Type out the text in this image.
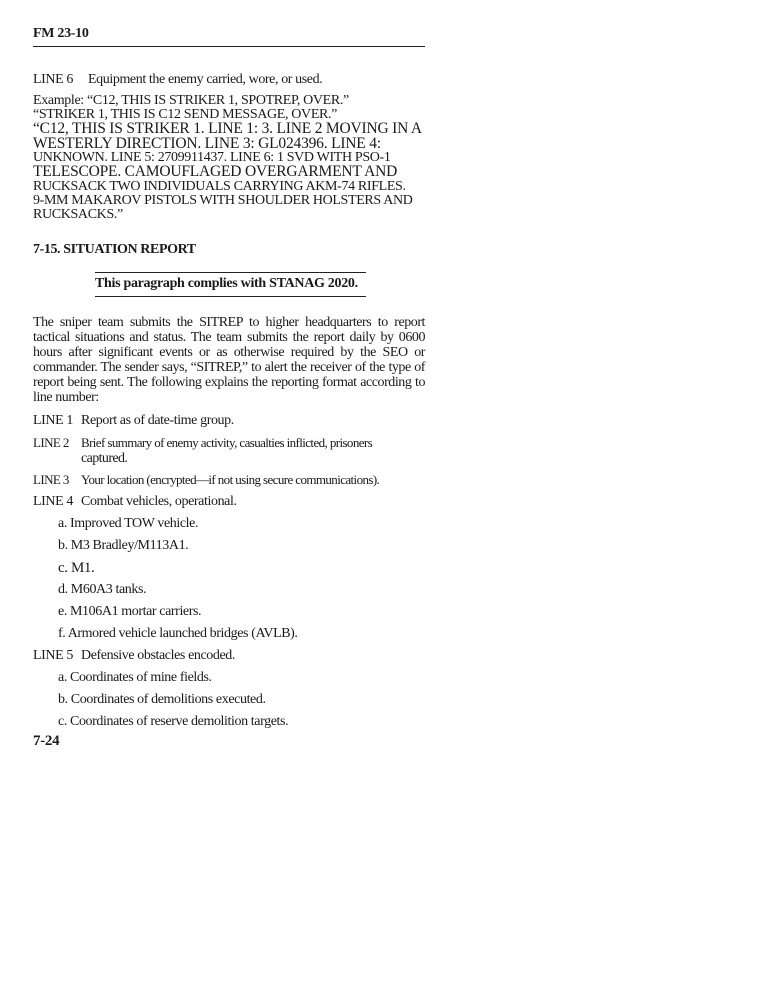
FM 23-10
LINE 6 Equipment the enemy carried, wore, or used.

Example: “C12, THIS IS STRIKER 1, SPOTREP, OVER.”

“STRIKER 1, THIS IS C12 SEND MESSAGE, OVER.”

“C12, THIS IS STRIKER 1. LINE 1: 3. LINE 2 MOVING IN A

WESTERLY DIRECTION. LINE 3: GL024396. LINE 4:

UNKNOWN. LINE 5: 2709911437. LINE 6: 1 SVD WITH PSO-1

TELESCOPE. CAMOUFLAGED OVERGARMENT AND

RUCKSACK TWO INDIVIDUALS CARRYING AKM-74 RIFLES.

9-MM MAKAROV PISTOLS WITH SHOULDER HOLSTERS AND

RUCKSACKS.”

7-15. SITUATION REPORT
This paragraph complies with STANAG 2020.
The sniper team submits the SITREP to higher headquarters to report tactical situations and status. The team submits the report daily by 0600 hours after significant events or as otherwise required by the SEO or commander. The sender says, “SITREP,” to alert the receiver of the type of report being sent. The following explains the reporting format according to line number:
LINE 1 Report as of date-time group.
LINE 2 Brief summary of enemy activity, casualties inflicted, prisoners
captured.
LINE 3 Your location (encrypted—if not using secure communications).
LINE 4 Combat vehicles, operational.
a. Improved TOW vehicle.
b. M3 Bradley/M113A1.
c. M1.
d. M60A3 tanks.
e. M106A1 mortar carriers.
f. Armored vehicle launched bridges (AVLB).
LINE 5 Defensive obstacles encoded.
a. Coordinates of mine fields.
b. Coordinates of demolitions executed.
c. Coordinates of reserve demolition targets.
7-24
